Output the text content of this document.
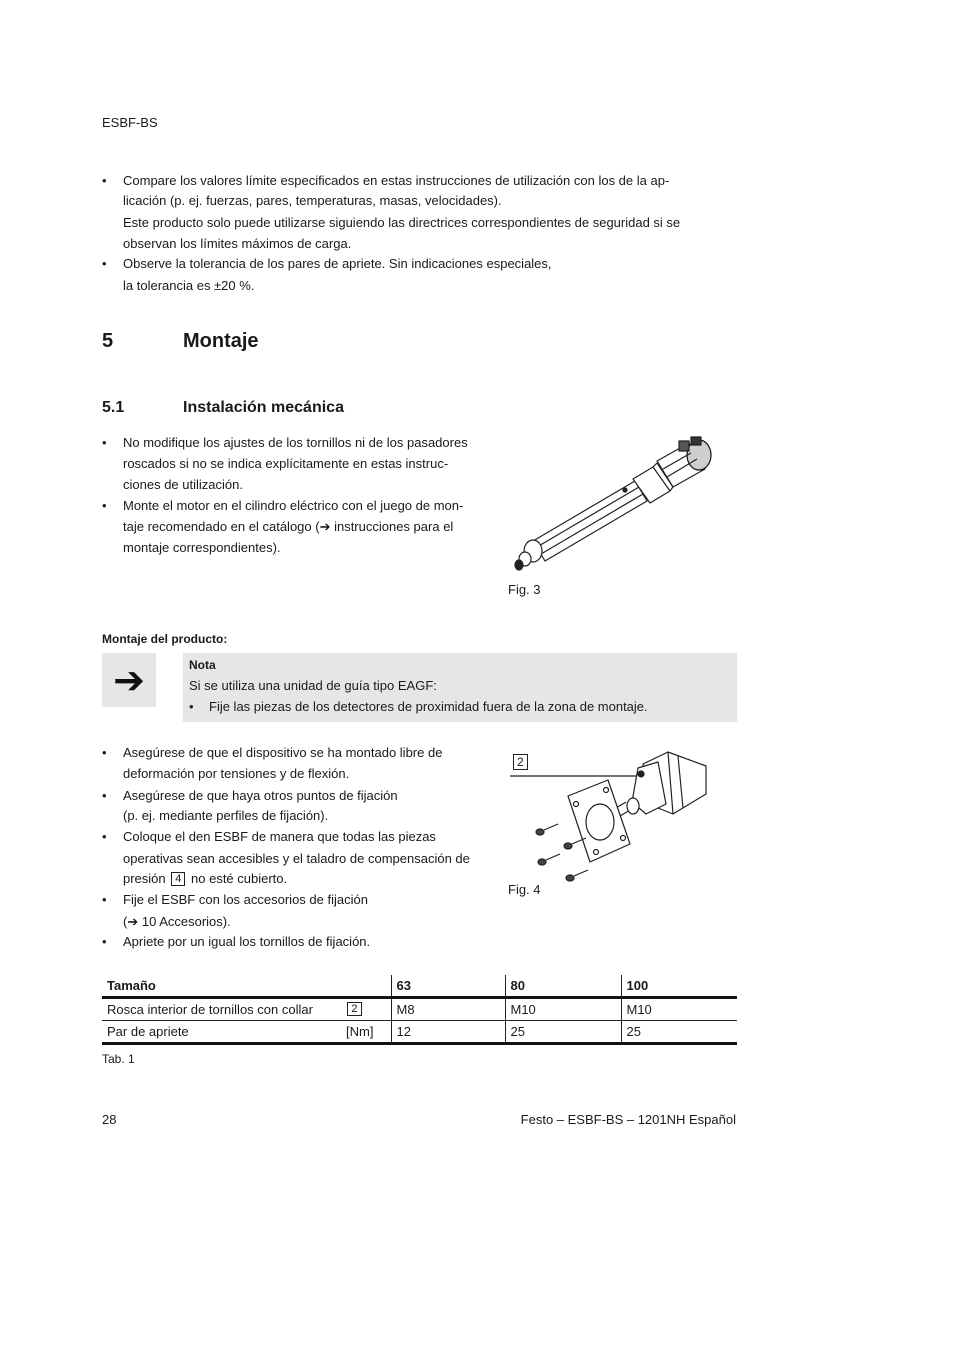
ESBF-BS
• Compare los valores límite especificados en estas instrucciones de utilización con los de la ap-
licación (p. ej. fuerzas, pares, temperaturas, masas, velocidades).
Este producto solo puede utilizarse siguiendo las directrices correspondientes de seguridad si se
observan los límites máximos de carga.
• Observe la tolerancia de los pares de apriete. Sin indicaciones especiales,
la tolerancia es ±20 %.
5	Montaje
5.1	Instalación mecánica
• No modifique los ajustes de los tornillos ni de los pasadores
roscados si no se indica explícitamente en estas instruc-
ciones de utilización.
• Monte el motor en el cilindro eléctrico con el juego de mon-
taje recomendado en el catálogo (➔ instrucciones para el
montaje correspondientes).
Fig. 3
Montaje del producto:
➔	Nota
Si se utiliza una unidad de guía tipo EAGF:
• Fije las piezas de los detectores de proximidad fuera de la zona de montaje.
• Asegúrese de que el dispositivo se ha montado libre de
deformación por tensiones y de flexión.
• Asegúrese de que haya otros puntos de fijación
(p. ej. mediante perfiles de fijación).
• Coloque el den ESBF de manera que todas las piezas
operativas sean accesibles y el taladro de compensación de
presión 4 no esté cubierto.
• Fije el ESBF con los accesorios de fijación
(➔ 10 Accesorios).
• Apriete por un igual los tornillos de fijación.
2
Fig. 4
Tamaño	63	80	100
Rosca interior de tornillos con collar 2	M8	M10	M10
Par de apriete [Nm]	12	25	25
Tab. 1
28	Festo – ESBF-BS – 1201NH Español
